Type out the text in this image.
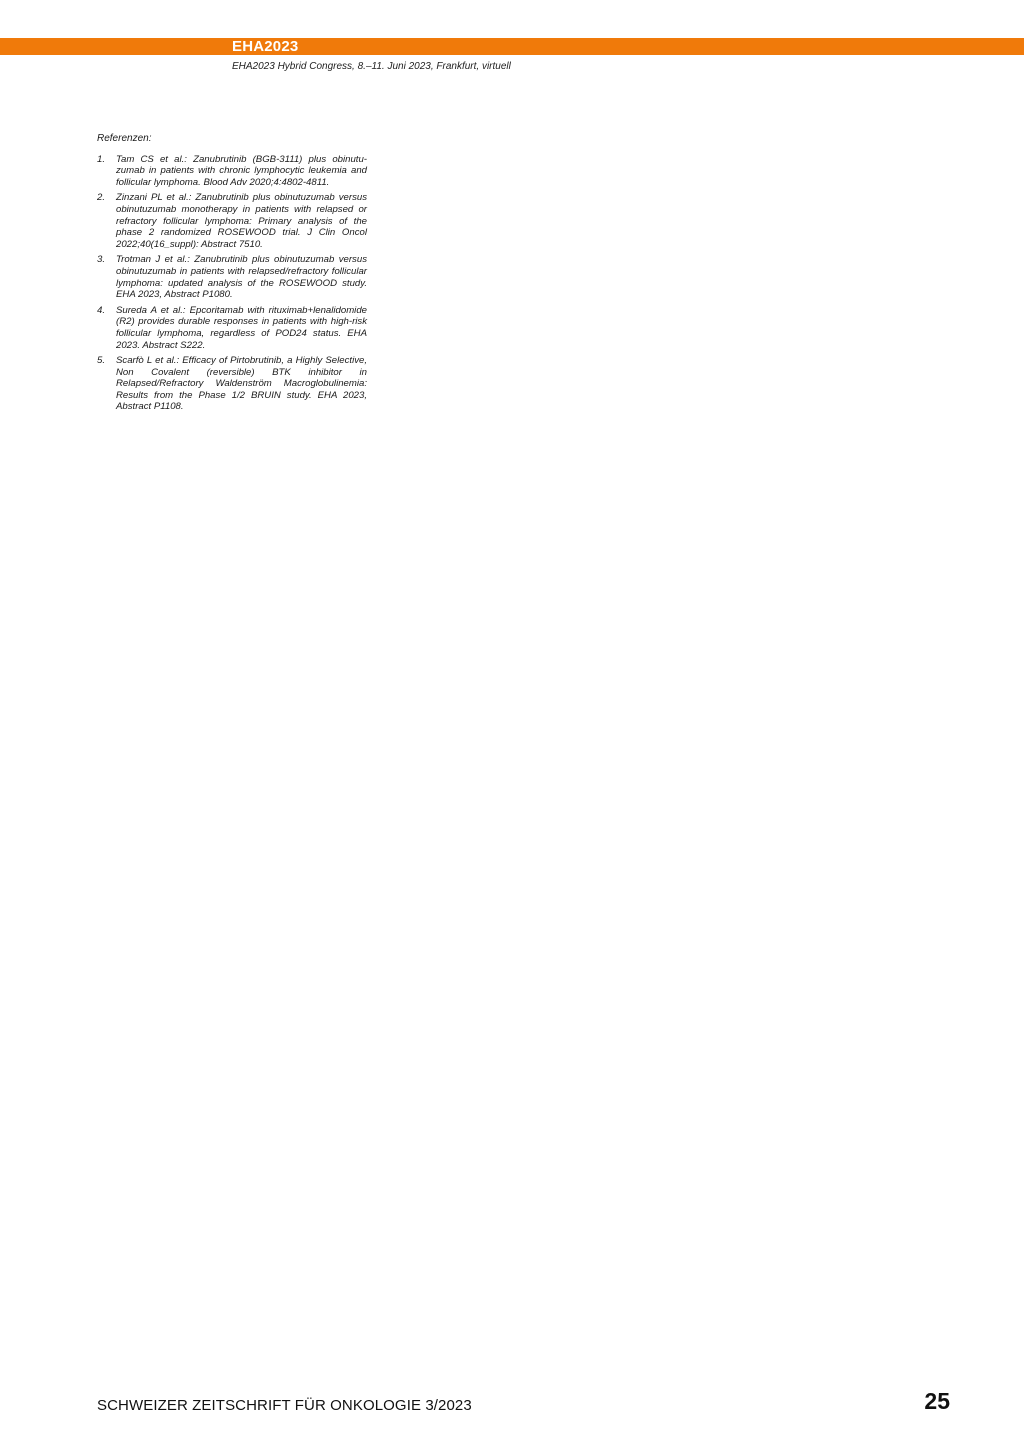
EHA2023
EHA2023 Hybrid Congress, 8.–11. Juni 2023, Frankfurt, virtuell
Referenzen:
1.	Tam CS et al.: Zanubrutinib (BGB-3111) plus obinutuzumab in patients with chronic lymphocytic leukemia and follicular lymphoma. Blood Adv 2020;4:4802-4811.
2.	Zinzani PL et al.: Zanubrutinib plus obinutuzumab versus obinutuzumab monotherapy in patients with relapsed or refractory follicular lymphoma: Primary analysis of the phase 2 randomized ROSEWOOD trial. J Clin Oncol 2022;40(16_suppl): Abstract 7510.
3.	Trotman J et al.: Zanubrutinib plus obinutuzumab versus obinutuzumab in patients with relapsed/refractory follicular lymphoma: updated analysis of the ROSEWOOD study. EHA 2023, Abstract P1080.
4.	Sureda A et al.: Epcoritamab with rituximab+lenalidomide (R2) provides durable responses in patients with high-risk follicular lymphoma, regardless of POD24 status. EHA 2023. Abstract S222.
5.	Scarfò L et al.: Efficacy of Pirtobrutinib, a Highly Selective, Non Covalent (reversible) BTK inhibitor in Relapsed/Refractory Waldenström Macroglobulinemia: Results from the Phase 1/2 BRUIN study. EHA 2023, Abstract P1108.
SCHWEIZER ZEITSCHRIFT FÜR ONKOLOGIE 3/2023	25
